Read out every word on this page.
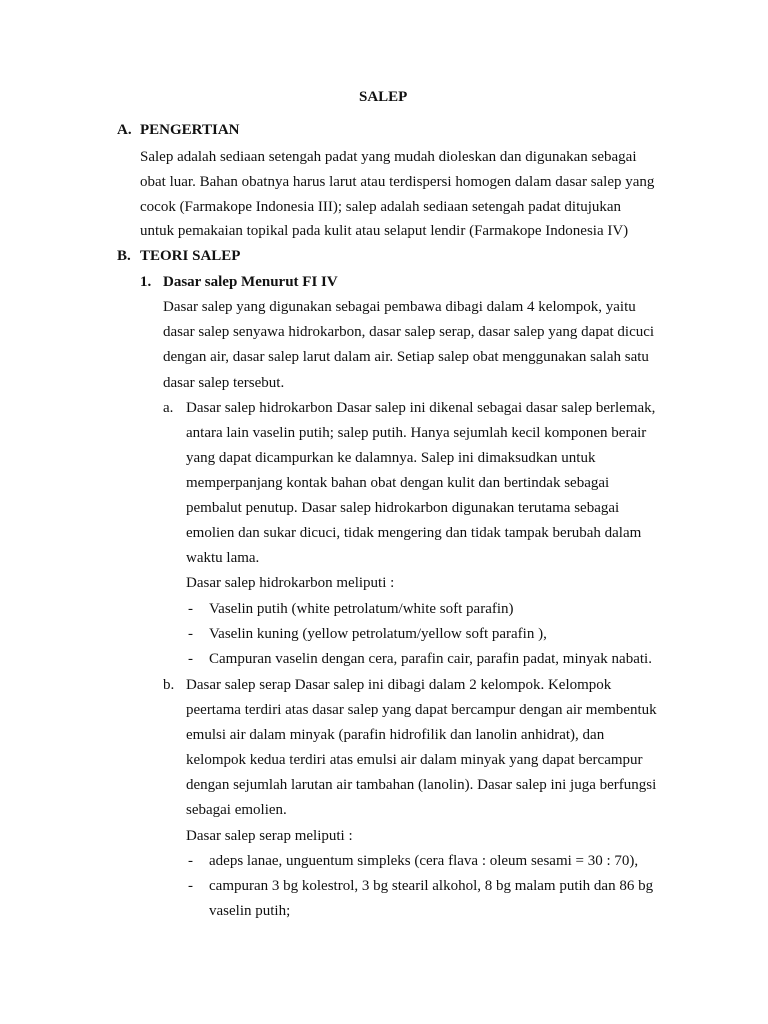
SALEP
A. PENGERTIAN
Salep adalah sediaan setengah padat yang mudah dioleskan dan digunakan sebagai
obat luar. Bahan obatnya harus larut atau terdispersi homogen dalam dasar salep yang
cocok (Farmakope Indonesia III); salep adalah sediaan setengah padat ditujukan
untuk pemakaian topikal pada kulit atau selaput lendir (Farmakope Indonesia IV)
B. TEORI SALEP
1. Dasar salep Menurut FI IV
Dasar salep yang digunakan sebagai pembawa dibagi dalam 4 kelompok, yaitu
dasar salep senyawa hidrokarbon, dasar salep serap, dasar salep yang dapat dicuci
dengan air, dasar salep larut dalam air. Setiap salep obat menggunakan salah satu
dasar salep tersebut.
a. Dasar salep hidrokarbon Dasar salep ini dikenal sebagai dasar salep berlemak,
antara lain vaselin putih; salep putih. Hanya sejumlah kecil komponen berair
yang dapat dicampurkan ke dalamnya. Salep ini dimaksudkan untuk
memperpanjang kontak bahan obat dengan kulit dan bertindak sebagai
pembalut penutup. Dasar salep hidrokarbon digunakan terutama sebagai
emolien dan sukar dicuci, tidak mengering dan tidak tampak berubah dalam
waktu lama.
Dasar salep hidrokarbon meliputi :
- Vaselin putih (white petrolatum/white soft parafin)
- Vaselin kuning (yellow petrolatum/yellow soft parafin ),
- Campuran vaselin dengan cera, parafin cair, parafin padat, minyak nabati.
b. Dasar salep serap Dasar salep ini dibagi dalam 2 kelompok. Kelompok
peertama terdiri atas dasar salep yang dapat bercampur dengan air membentuk
emulsi air dalam minyak (parafin hidrofilik dan lanolin anhidrat), dan
kelompok kedua terdiri atas emulsi air dalam minyak yang dapat bercampur
dengan sejumlah larutan air tambahan (lanolin). Dasar salep ini juga berfungsi
sebagai emolien.
Dasar salep serap meliputi :
- adeps lanae, unguentum simpleks (cera flava : oleum sesami = 30 : 70),
- campuran 3 bg kolestrol, 3 bg stearil alkohol, 8 bg malam putih dan 86 bg
vaselin putih;
